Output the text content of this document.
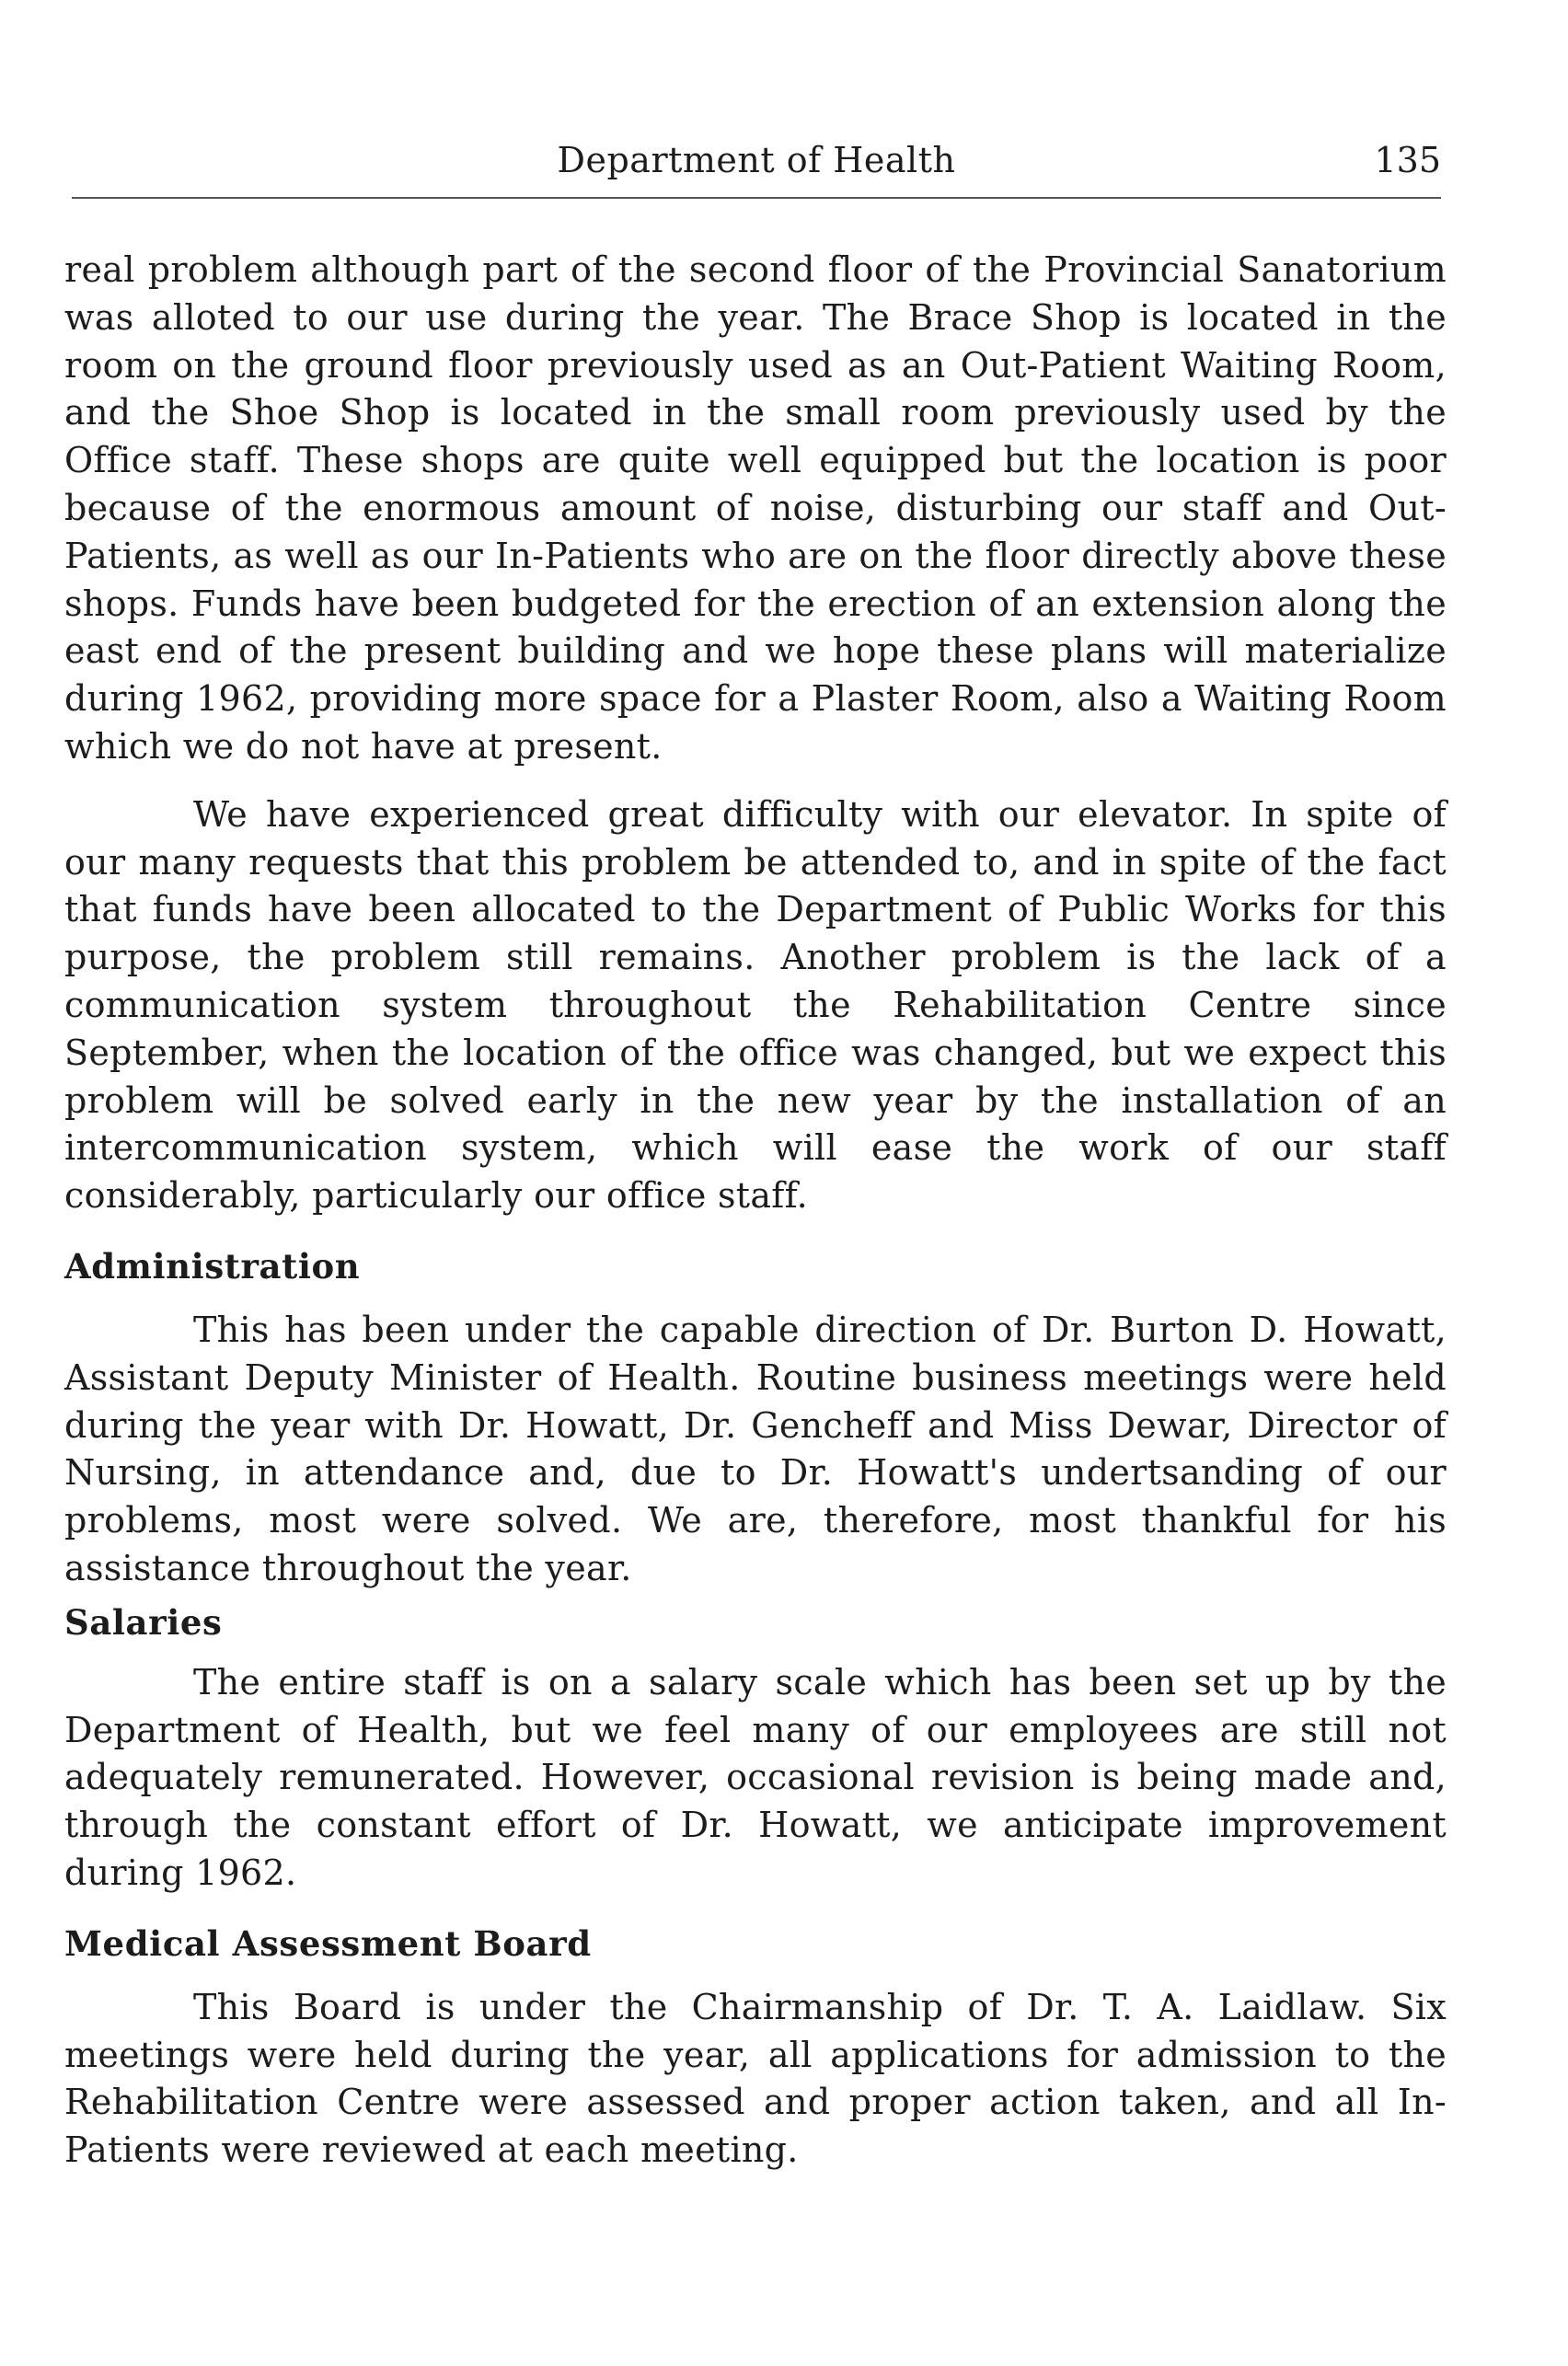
Department of Health	135

real problem although part of the second floor of the Provincial Sanatorium was alloted to our use during the year. The Brace Shop is located in the room on the ground floor previously used as an Out-Patient Waiting Room, and the Shoe Shop is located in the small room previously used by the Office staff. These shops are quite well equipped but the location is poor because of the enormous amount of noise, disturbing our staff and Out-Patients, as well as our In-Patients who are on the floor directly above these shops. Funds have been budgeted for the erection of an extension along the east end of the present building and we hope these plans will materialize during 1962, providing more space for a Plaster Room, also a Waiting Room which we do not have at present.

We have experienced great difficulty with our elevator. In spite of our many requests that this problem be attended to, and in spite of the fact that funds have been allocated to the Department of Public Works for this purpose, the problem still remains. Another problem is the lack of a communication system throughout the Rehabilitation Centre since September, when the location of the office was changed, but we expect this problem will be solved early in the new year by the installation of an intercommunication system, which will ease the work of our staff considerably, particularly our office staff.

Administration

This has been under the capable direction of Dr. Burton D. Howatt, Assistant Deputy Minister of Health. Routine business meetings were held during the year with Dr. Howatt, Dr. Gencheff and Miss Dewar, Director of Nursing, in attendance and, due to Dr. Howatt's undertsanding of our problems, most were solved. We are, therefore, most thankful for his assistance throughout the year.

Salaries

The entire staff is on a salary scale which has been set up by the Department of Health, but we feel many of our employees are still not adequately remunerated. However, occasional revision is being made and, through the constant effort of Dr. Howatt, we anticipate improvement during 1962.

Medical Assessment Board

This Board is under the Chairmanship of Dr. T. A. Laidlaw. Six meetings were held during the year, all applications for admission to the Rehabilitation Centre were assessed and proper action taken, and all In-Patients were reviewed at each meeting.
